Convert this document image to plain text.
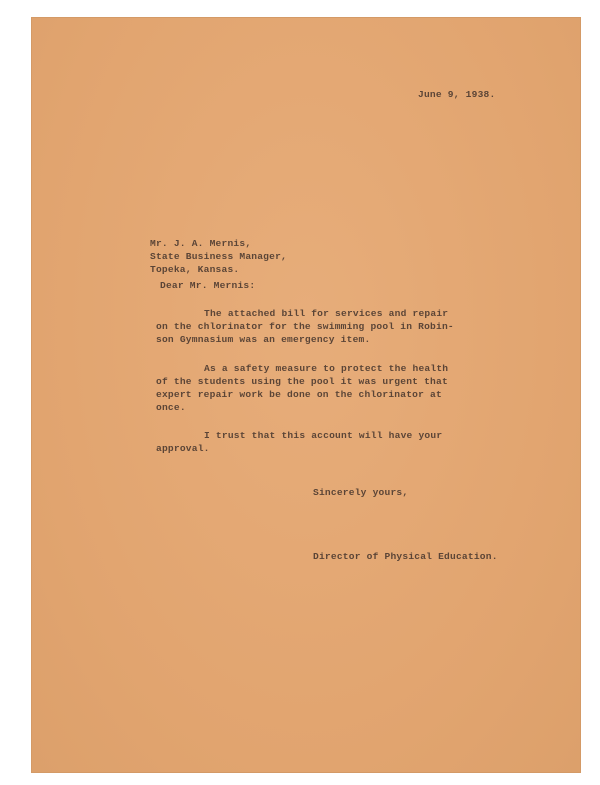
June 9, 1938.
Mr. J. A. Mernis,
State Business Manager,
Topeka, Kansas.
Dear Mr. Mernis:
The attached bill for services and repair
on the chlorinator for the swimming pool in Robin-
son Gymnasium was an emergency item.
As a safety measure to protect the health
of the students using the pool it was urgent that
expert repair work be done on the chlorinator at
once.
I trust that this account will have your
approval.
Sincerely yours,
Director of Physical Education.
